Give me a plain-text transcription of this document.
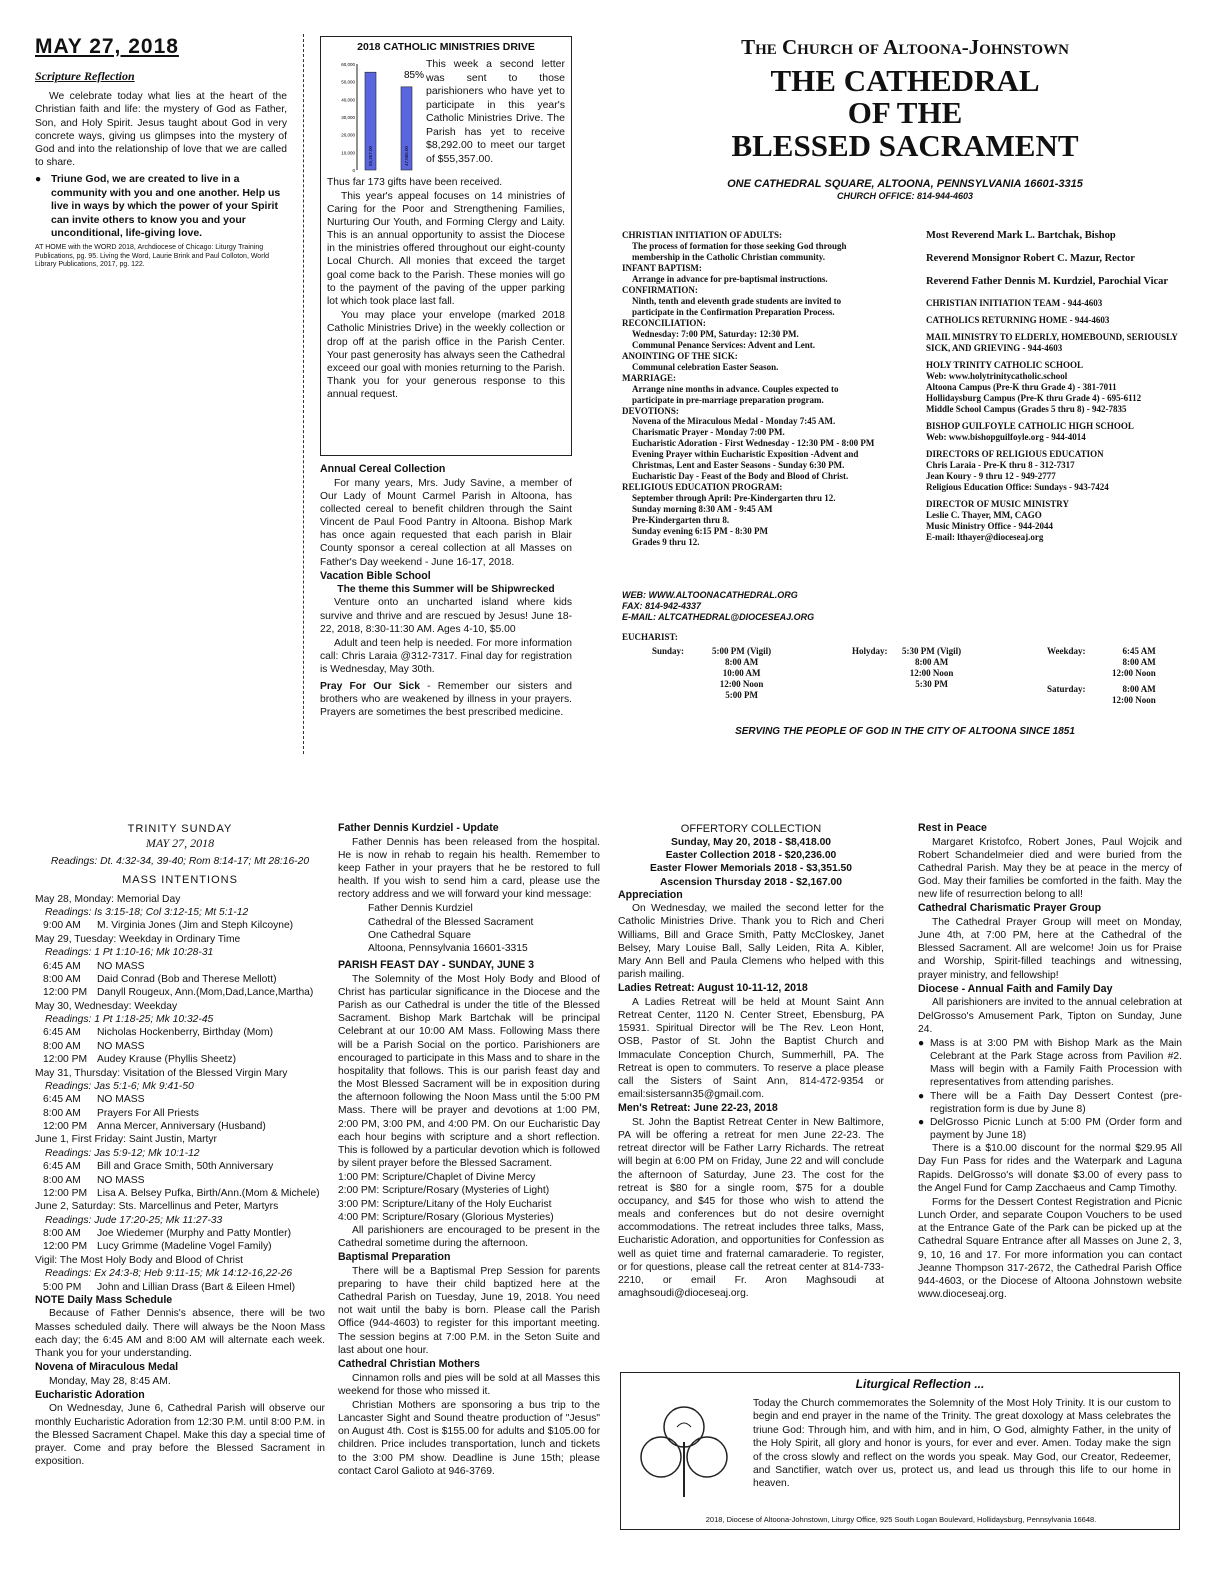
MAY 27, 2018
Scripture Reflection

We celebrate today what lies at the heart of the Christian faith and life: the mystery of God as Father, Son, and Holy Spirit. Jesus taught about God in very concrete ways, giving us glimpses into the mystery of God and into the relationship of love that we are called to share.

● Triune God, we are created to live in a community with you and one another. Help us live in ways by which the power of your Spirit can invite others to know you and your unconditional, life-giving love.
AT HOME with the WORD 2018, Archdiocese of Chicago: Liturgy Training Publications, pg. 95. Living the Word, Laurie Brink and Paul Colloton, World Library Publications, 2017, pg. 122.
2018 CATHOLIC MINISTRIES DRIVE
60,000
50,000
40,000
30,000
20,000
10,000
0
55,357.00	47,065.00
85%
This week a second letter was sent to those parishioners who have yet to participate in this year's Catholic Ministries Drive. The Parish has yet to receive $8,292.00 to meet our target of $55,357.00.
Thus far 173 gifts have been received.

This year's appeal focuses on 14 ministries of Caring for the Poor and Strengthening Families, Nurturing Our Youth, and Forming Clergy and Laity. This is an annual opportunity to assist the Diocese in the ministries offered throughout our eight-county Local Church. All monies that exceed the target goal come back to the Parish. These monies will go to the payment of the paving of the upper parking lot which took place last fall.

You may place your envelope (marked 2018 Catholic Ministries Drive) in the weekly collection or drop off at the parish office in the Parish Center. Your past generosity has always seen the Cathedral exceed our goal with monies returning to the Parish. Thank you for your generous response to this annual request.

Annual Cereal Collection

For many years, Mrs. Judy Savine, a member of Our Lady of Mount Carmel Parish in Altoona, has collected cereal to benefit children through the Saint Vincent de Paul Food Pantry in Altoona. Bishop Mark has once again requested that each parish in Blair County sponsor a cereal collection at all Masses on Father's Day weekend - June 16-17, 2018.

Vacation Bible School
The theme this Summer will be Shipwrecked

Venture onto an uncharted island where kids survive and thrive and are rescued by Jesus! June 18-22, 2018, 8:30-11:30 AM. Ages 4-10, $5.00

Adult and teen help is needed. For more information call: Chris Laraia @312-7317. Final day for registration is Wednesday, May 30th.

Pray For Our Sick - Remember our sisters and brothers who are weakened by illness in your prayers. Prayers are sometimes the best prescribed medicine.
The Church of Altoona-Johnstown
THE CATHEDRAL
OF THE
BLESSED SACRAMENT
ONE CATHEDRAL SQUARE, ALTOONA, PENNSYLVANIA 16601-3315
CHURCH OFFICE: 814-944-4603
CHRISTIAN INITIATION OF ADULTS:
The process of formation for those seeking God through
membership in the Catholic Christian community.
INFANT BAPTISM:
Arrange in advance for pre-baptismal instructions.
CONFIRMATION:
Ninth, tenth and eleventh grade students are invited to
participate in the Confirmation Preparation Process.
RECONCILIATION:
Wednesday: 7:00 PM, Saturday: 12:30 PM.
Communal Penance Services: Advent and Lent.
ANOINTING OF THE SICK:
Communal celebration Easter Season.
MARRIAGE:
Arrange nine months in advance. Couples expected to
participate in pre-marriage preparation program.
DEVOTIONS:
Novena of the Miraculous Medal - Monday 7:45 AM.
Charismatic Prayer - Monday 7:00 PM.
Eucharistic Adoration - First Wednesday - 12:30 PM - 8:00 PM
Evening Prayer within Eucharistic Exposition -Advent and
Christmas, Lent and Easter Seasons - Sunday 6:30 PM.
Eucharistic Day - Feast of the Body and Blood of Christ.
RELIGIOUS EDUCATION PROGRAM:
September through April: Pre-Kindergarten thru 12.
Sunday morning 8:30 AM - 9:45 AM
Pre-Kindergarten thru 8.
Sunday evening 6:15 PM - 8:30 PM
Grades 9 thru 12.
WEB: WWW.ALTOONACATHEDRAL.ORG
FAX: 814-942-4337
E-MAIL: ALTCATHEDRAL@DIOCESEAJ.ORG
EUCHARIST:
Sunday:	5:00 PM (Vigil)
8:00 AM
10:00 AM
12:00 Noon
5:00 PM
Holyday: 5:30 PM (Vigil)
8:00 AM
12:00 Noon
5:30 PM
Weekday:	6:45 AM
8:00 AM
12:00 Noon
Saturday:	8:00 AM
12:00 Noon
SERVING THE PEOPLE OF GOD IN THE CITY OF ALTOONA SINCE 1851
Most Reverend Mark L. Bartchak, Bishop
Reverend Monsignor Robert C. Mazur, Rector
Reverend Father Dennis M. Kurdziel, Parochial Vicar
CHRISTIAN INITIATION TEAM - 944-4603
CATHOLICS RETURNING HOME - 944-4603
MAIL MINISTRY TO ELDERLY, HOMEBOUND, SERIOUSLY SICK, AND GRIEVING - 944-4603
HOLY TRINITY CATHOLIC SCHOOL
Web: www.holytrinitycatholic.school
Altoona Campus (Pre-K thru Grade 4) - 381-7011
Hollidaysburg Campus (Pre-K thru Grade 4) - 695-6112
Middle School Campus (Grades 5 thru 8) - 942-7835
BISHOP GUILFOYLE CATHOLIC HIGH SCHOOL
Web: www.bishopguilfoyle.org - 944-4014
DIRECTORS OF RELIGIOUS EDUCATION
Chris Laraia - Pre-K thru 8 - 312-7317
Jean Koury - 9 thru 12 - 949-2777
Religious Education Office: Sundays - 943-7424
DIRECTOR OF MUSIC MINISTRY
Leslie C. Thayer, MM, CAGO
Music Ministry Office - 944-2044
E-mail: lthayer@dioceseaj.org
TRINITY SUNDAY
MAY 27, 2018
Readings: Dt. 4:32-34, 39-40; Rom 8:14-17; Mt 28:16-20
MASS INTENTIONS
May 28, Monday: Memorial Day
Readings: Is 3:15-18; Col 3:12-15; Mt 5:1-12
9:00 AM	M. Virginia Jones (Jim and Steph Kilcoyne)
May 29, Tuesday: Weekday in Ordinary Time
Readings: 1 Pt 1:10-16; Mk 10:28-31
6:45 AM	NO MASS
8:00 AM	Daid Conrad (Bob and Therese Mellott)
12:00 PM Danyll Rougeux, Ann.(Mom,Dad,Lance,Martha)
May 30, Wednesday: Weekday
Readings: 1 Pt 1:18-25; Mk 10:32-45
6:45 AM	Nicholas Hockenberry, Birthday (Mom)
8:00 AM	NO MASS
12:00 PM Audey Krause (Phyllis Sheetz)
May 31, Thursday: Visitation of the Blessed Virgin Mary
Readings: Jas 5:1-6; Mk 9:41-50
6:45 AM	NO MASS
8:00 AM	Prayers For All Priests
12:00 PM Anna Mercer, Anniversary (Husband)
June 1, First Friday: Saint Justin, Martyr
Readings: Jas 5:9-12; Mk 10:1-12
6:45 AM	Bill and Grace Smith, 50th Anniversary
8:00 AM	NO MASS
12:00 PM Lisa A. Belsey Pufka, Birth/Ann.(Mom & Michele)
June 2, Saturday: Sts. Marcellinus and Peter, Martyrs
Readings: Jude 17:20-25; Mk 11:27-33
8:00 AM	Joe Wiedemer (Murphy and Patty Montler)
12:00 PM Lucy Grimme (Madeline Vogel Family)
Vigil: The Most Holy Body and Blood of Christ
Readings: Ex 24:3-8; Heb 9:11-15; Mk 14:12-16,22-26
5:00 PM	John and Lillian Drass (Bart & Eileen Hmel)
NOTE Daily Mass Schedule

Because of Father Dennis's absence, there will be two Masses scheduled daily. There will always be the Noon Mass each day; the 6:45 AM and 8:00 AM will alternate each week. Thank you for your understanding.

Novena of Miraculous Medal

Monday, May 28, 8:45 AM.

Eucharistic Adoration

On Wednesday, June 6, Cathedral Parish will observe our monthly Eucharistic Adoration from 12:30 P.M. until 8:00 P.M. in the Blessed Sacrament Chapel. Make this day a special time of prayer. Come and pray before the Blessed Sacrament in exposition.

Father Dennis Kurdziel - Update

Father Dennis has been released from the hospital. He is now in rehab to regain his health. Remember to keep Father in your prayers that he be restored to full health. If you wish to send him a card, please use the rectory address and we will forward your kind message:

Father Dennis Kurdziel
Cathedral of the Blessed Sacrament
One Cathedral Square
Altoona, Pennsylvania 16601-3315
PARISH FEAST DAY - SUNDAY, JUNE 3

The Solemnity of the Most Holy Body and Blood of Christ has particular significance in the Diocese and the Parish as our Cathedral is under the title of the Blessed Sacrament. Bishop Mark Bartchak will be principal Celebrant at our 10:00 AM Mass. Following Mass there will be a Parish Social on the portico. Parishioners are encouraged to participate in this Mass and to share in the hospitality that follows. This is our parish feast day and the Most Blessed Sacrament will be in exposition during the afternoon following the Noon Mass until the 5:00 PM Mass. There will be prayer and devotions at 1:00 PM, 2:00 PM, 3:00 PM, and 4:00 PM. On our Eucharistic Day each hour begins with scripture and a short reflection. This is followed by a particular devotion which is followed by silent prayer before the Blessed Sacrament.

1:00 PM: Scripture/Chaplet of Divine Mercy
2:00 PM: Scripture/Rosary (Mysteries of Light)
3:00 PM: Scripture/Litany of the Holy Eucharist
4:00 PM: Scripture/Rosary (Glorious Mysteries)

All parishioners are encouraged to be present in the Cathedral sometime during the afternoon.

Baptismal Preparation

There will be a Baptismal Prep Session for parents preparing to have their child baptized here at the Cathedral Parish on Tuesday, June 19, 2018. You need not wait until the baby is born. Please call the Parish Office (944-4603) to register for this important meeting. The session begins at 7:00 P.M. in the Seton Suite and last about one hour.

Cathedral Christian Mothers

Cinnamon rolls and pies will be sold at all Masses this weekend for those who missed it.

Christian Mothers are sponsoring a bus trip to the Lancaster Sight and Sound theatre production of "Jesus" on August 4th. Cost is $155.00 for adults and $105.00 for children. Price includes transportation, lunch and tickets to the 3:00 PM show. Deadline is June 15th; please contact Carol Galioto at 946-3769.

OFFERTORY COLLECTION
Sunday, May 20, 2018 - $8,418.00
Easter Collection 2018 - $20,236.00
Easter Flower Memorials 2018 - $3,351.50
Ascension Thursday 2018 - $2,167.00
Appreciation

On Wednesday, we mailed the second letter for the Catholic Ministries Drive. Thank you to Rich and Cheri Williams, Bill and Grace Smith, Patty McCloskey, Janet Belsey, Mary Louise Ball, Sally Leiden, Rita A. Kibler, Mary Ann Bell and Paula Clemens who helped with this parish mailing.

Ladies Retreat: August 10-11-12, 2018

A Ladies Retreat will be held at Mount Saint Ann Retreat Center, 1120 N. Center Street, Ebensburg, PA 15931. Spiritual Director will be The Rev. Leon Hont, OSB, Pastor of St. John the Baptist Church and Immaculate Conception Church, Summerhill, PA. The Retreat is open to commuters. To reserve a place please call the Sisters of Saint Ann, 814-472-9354 or email:sistersann35@gmail.com.

Men's Retreat: June 22-23, 2018

St. John the Baptist Retreat Center in New Baltimore, PA will be offering a retreat for men June 22-23. The retreat director will be Father Larry Richards. The retreat will begin at 6:00 PM on Friday, June 22 and will conclude the afternoon of Saturday, June 23. The cost for the retreat is $80 for a single room, $75 for a double occupancy, and $45 for those who wish to attend the meals and conferences but do not desire overnight accommodations. The retreat includes three talks, Mass, Eucharistic Adoration, and opportunities for Confession as well as quiet time and fraternal camaraderie. To register, or for questions, please call the retreat center at 814-733-2210, or email Fr. Aron Maghsoudi at amaghsoudi@dioceseaj.org.

Rest in Peace

Margaret Kristofco, Robert Jones, Paul Wojcik and Robert Schandelmeier died and were buried from the Cathedral Parish. May they be at peace in the mercy of God. May their families be comforted in the faith. May the new life of resurrection belong to all!

Cathedral Charismatic Prayer Group

The Cathedral Prayer Group will meet on Monday, June 4th, at 7:00 PM, here at the Cathedral of the Blessed Sacrament. All are welcome! Join us for Praise and Worship, Spirit-filled teachings and witnessing, prayer ministry, and fellowship!

Diocese - Annual Faith and Family Day

All parishioners are invited to the annual celebration at DelGrosso's Amusement Park, Tipton on Sunday, June 24.

● Mass is at 3:00 PM with Bishop Mark as the Main Celebrant at the Park Stage across from Pavilion #2. Mass will begin with a Family Faith Procession with representatives from attending parishes.
● There will be a Faith Day Dessert Contest (pre-registration form is due by June 8)
● DelGrosso Picnic Lunch at 5:00 PM (Order form and payment by June 18)

There is a $10.00 discount for the normal $29.95 All Day Fun Pass for rides and the Waterpark and Laguna Rapids. DelGrosso's will donate $3.00 of every pass to the Angel Fund for Camp Zacchaeus and Camp Timothy.

Forms for the Dessert Contest Registration and Picnic Lunch Order, and separate Coupon Vouchers to be used at the Entrance Gate of the Park can be picked up at the Cathedral Square Entrance after all Masses on June 2, 3, 9, 10, 16 and 17. For more information you can contact Jeanne Thompson 317-2672, the Cathedral Parish Office 944-4603, or the Diocese of Altoona Johnstown website www.dioceseaj.org.

Liturgical Reflection ...
Today the Church commemorates the Solemnity of the Most Holy Trinity. It is our custom to begin and end prayer in the name of the Trinity. The great doxology at Mass celebrates the triune God: Through him, and with him, and in him, O God, almighty Father, in the unity of the Holy Spirit, all glory and honor is yours, for ever and ever. Amen. Today make the sign of the cross slowly and reflect on the words you speak. May God, our Creator, Redeemer, and Sanctifier, watch over us, protect us, and lead us through this life to our home in heaven.
2018, Diocese of Altoona-Johnstown, Liturgy Office, 925 South Logan Boulevard, Hollidaysburg, Pennsylvania 16648.
